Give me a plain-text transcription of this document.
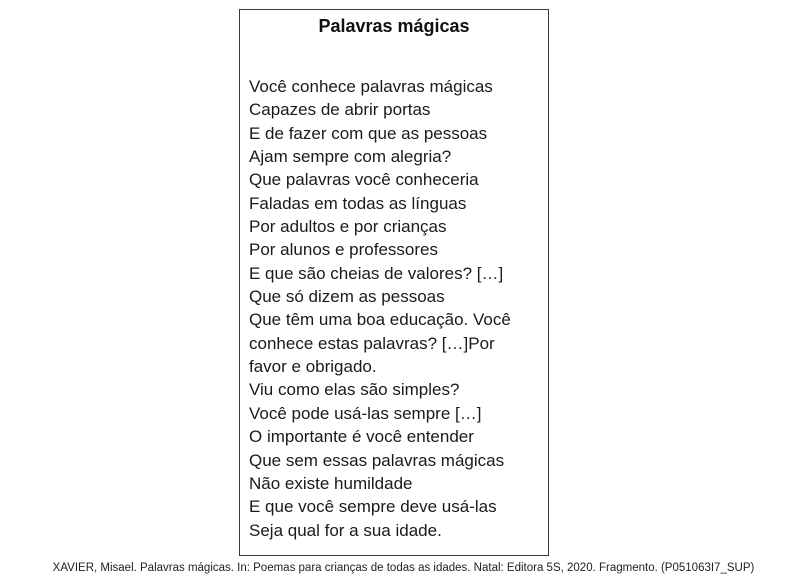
Palavras mágicas
Você conhece palavras mágicas
Capazes de abrir portas
E de fazer com que as pessoas
Ajam sempre com alegria?
Que palavras você conheceria
Faladas em todas as línguas
Por adultos e por crianças
Por alunos e professores
E que são cheias de valores? […]
Que só dizem as pessoas
Que têm uma boa educação. Você
conhece estas palavras? […]Por
favor e obrigado.
Viu como elas são simples?
Você pode usá-las sempre […]
O importante é você entender
Que sem essas palavras mágicas
Não existe humildade
E que você sempre deve usá-las
Seja qual for a sua idade.
XAVIER, Misael. Palavras mágicas. In: Poemas para crianças de todas as idades. Natal: Editora 5S, 2020. Fragmento. (P051063I7_SUP)
